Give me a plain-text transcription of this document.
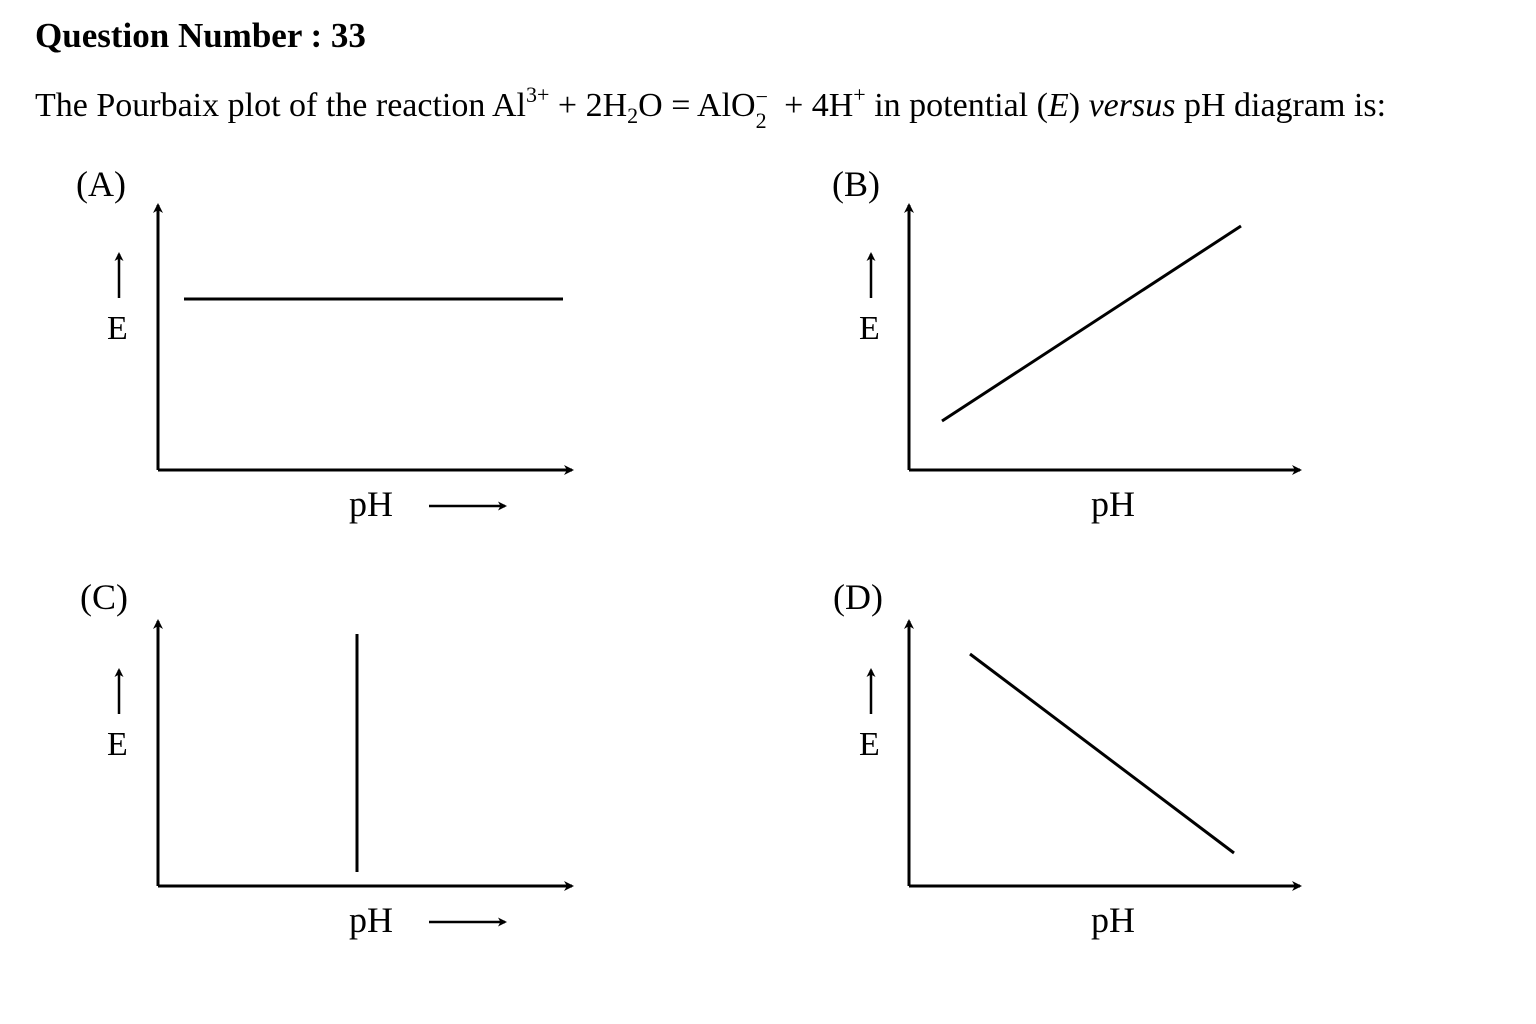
Question Number : 33
The Pourbaix plot of the reaction $Al^{3+} + 2H_2O$ = AlO −
2 + 4H+ in potential (E) versus pH diagram is:
(A)
E
pH
(B)
E
pH
(C)
E
pH
(D)
E
pH
